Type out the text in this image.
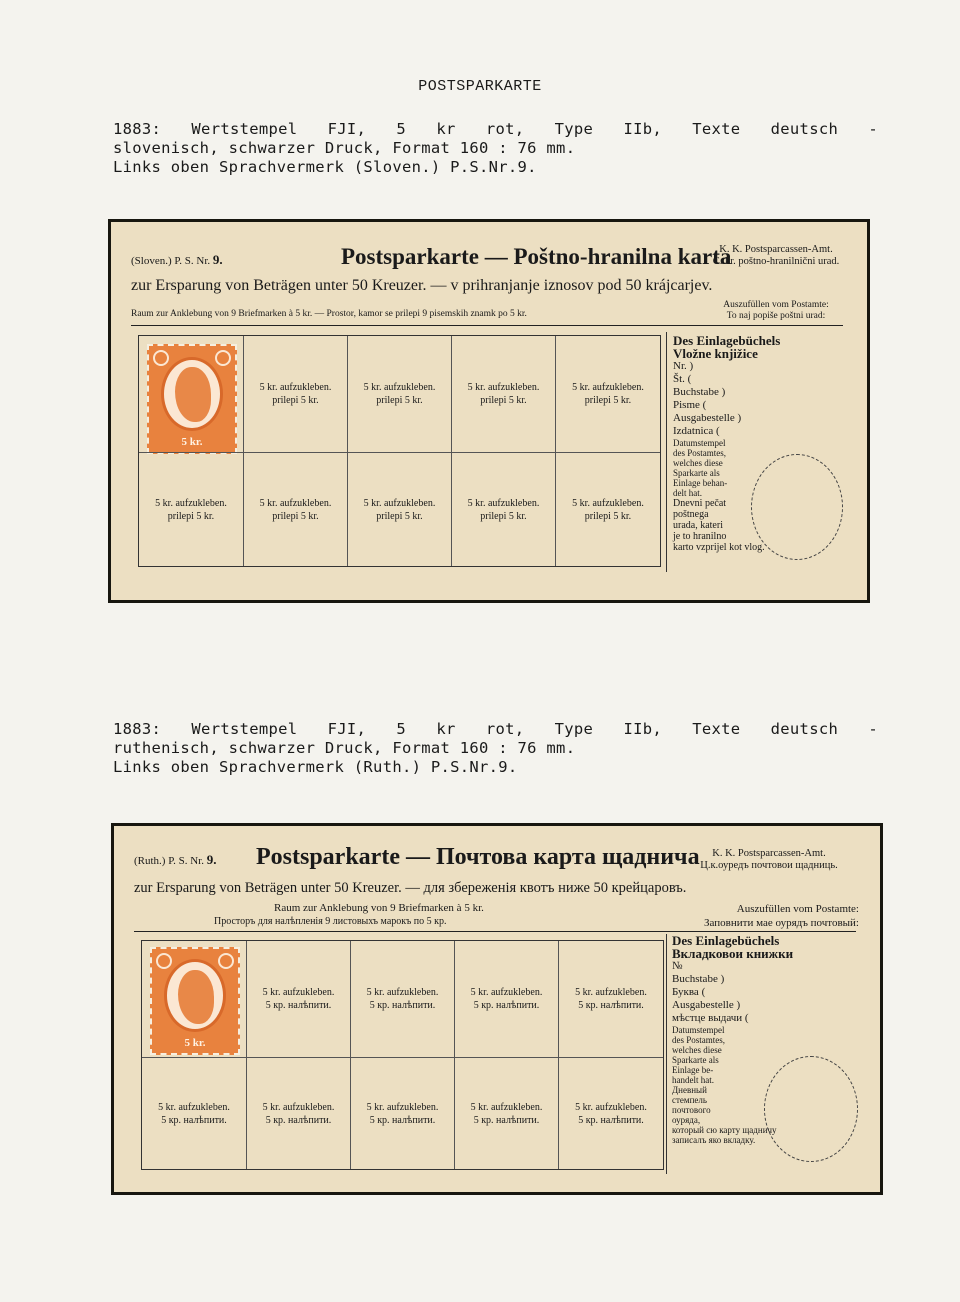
POSTSPARKARTE
1883: Wertstempel FJI, 5 kr rot, Type IIb, Texte deutsch -
slovenisch, schwarzer Druck, Format 160 : 76 mm.
Links oben Sprachvermerk (Sloven.) P.S.Nr.9.
(Sloven.) P. S. Nr. 9.	Postsparkarte — Poštno-hranilna karta
K. K. Postsparcassen-Amt.
C. kr. poštno-hranilnični urad.
zur Ersparung von Beträgen unter 50 Kreuzer. — v prihranjanje iznosov pod 50 krájcarjev.
Raum zur Anklebung von 9 Briefmarken à 5 kr. — Prostor, kamor se prilepi 9 pisemskih znamk po 5 kr.
Auszufüllen vom Postamte:
To naj popiše poštni urad:
5 kr.
5 kr. aufzukleben.
prilepi 5 kr.
5 kr. aufzukleben.
prilepi 5 kr.
5 kr. aufzukleben.
prilepi 5 kr.
5 kr. aufzukleben.
prilepi 5 kr.
5 kr. aufzukleben.
prilepi 5 kr.
5 kr. aufzukleben.
prilepi 5 kr.
5 kr. aufzukleben.
prilepi 5 kr.
5 kr. aufzukleben.
prilepi 5 kr.
5 kr. aufzukleben.
prilepi 5 kr.
Des Einlagebüchels
Vložne knjižice
Nr. )
Št. (
Buchstabe )
Pisme (
Ausgabestelle )
Izdatnica (
Datumstempel
des Postamtes,
welches diese
Sparkarte als
Einlage behan-
delt hat.
Dnevni pečat
poštnega
urada, kateri
je to hranilno
karto vzprijel kot vlog.
1883: Wertstempel FJI, 5 kr rot, Type IIb, Texte deutsch -
ruthenisch, schwarzer Druck, Format 160 : 76 mm.
Links oben Sprachvermerk (Ruth.) P.S.Nr.9.
(Ruth.) P. S. Nr. 9. Postsparkarte — Почтова карта щаднича	K. K. Postsparcassen-Amt.
Ц.к.оуредъ почтовои щадниць.
zur Ersparung von Beträgen unter 50 Kreuzer. — для збереженія квотъ ниже 50 крейцаровъ.
Raum zur Anklebung von 9 Briefmarken à 5 kr.
Просторъ для налѣпленія 9 листовыхъ марокъ по 5 кр.
Auszufüllen vom Postamte:
Заповнити мае оурядъ почтовый:
5 kr.
5 kr. aufzukleben.
5 кр. налѣпити.
5 kr. aufzukleben.
5 кр. налѣпити.
5 kr. aufzukleben.
5 кр. налѣпити.
5 kr. aufzukleben.
5 кр. налѣпити.
5 kr. aufzukleben.
5 кр. налѣпити.
5 kr. aufzukleben.
5 кр. налѣпити.
5 kr. aufzukleben.
5 кр. налѣпити.
5 kr. aufzukleben.
5 кр. налѣпити.
5 kr. aufzukleben.
5 кр. налѣпити.
Des Einlagebüchels
Вкладковои книжки
№
Buchstabe )
Буква (
Ausgabestelle )
мѣстце выдачи (
Datumstempel
des Postamtes,
welches diese
Sparkarte als
Einlage be-
handelt hat.
Дневный
стемпель
почтового
оуряда,
который сю карту щадничу
записалъ яко вкладку.
